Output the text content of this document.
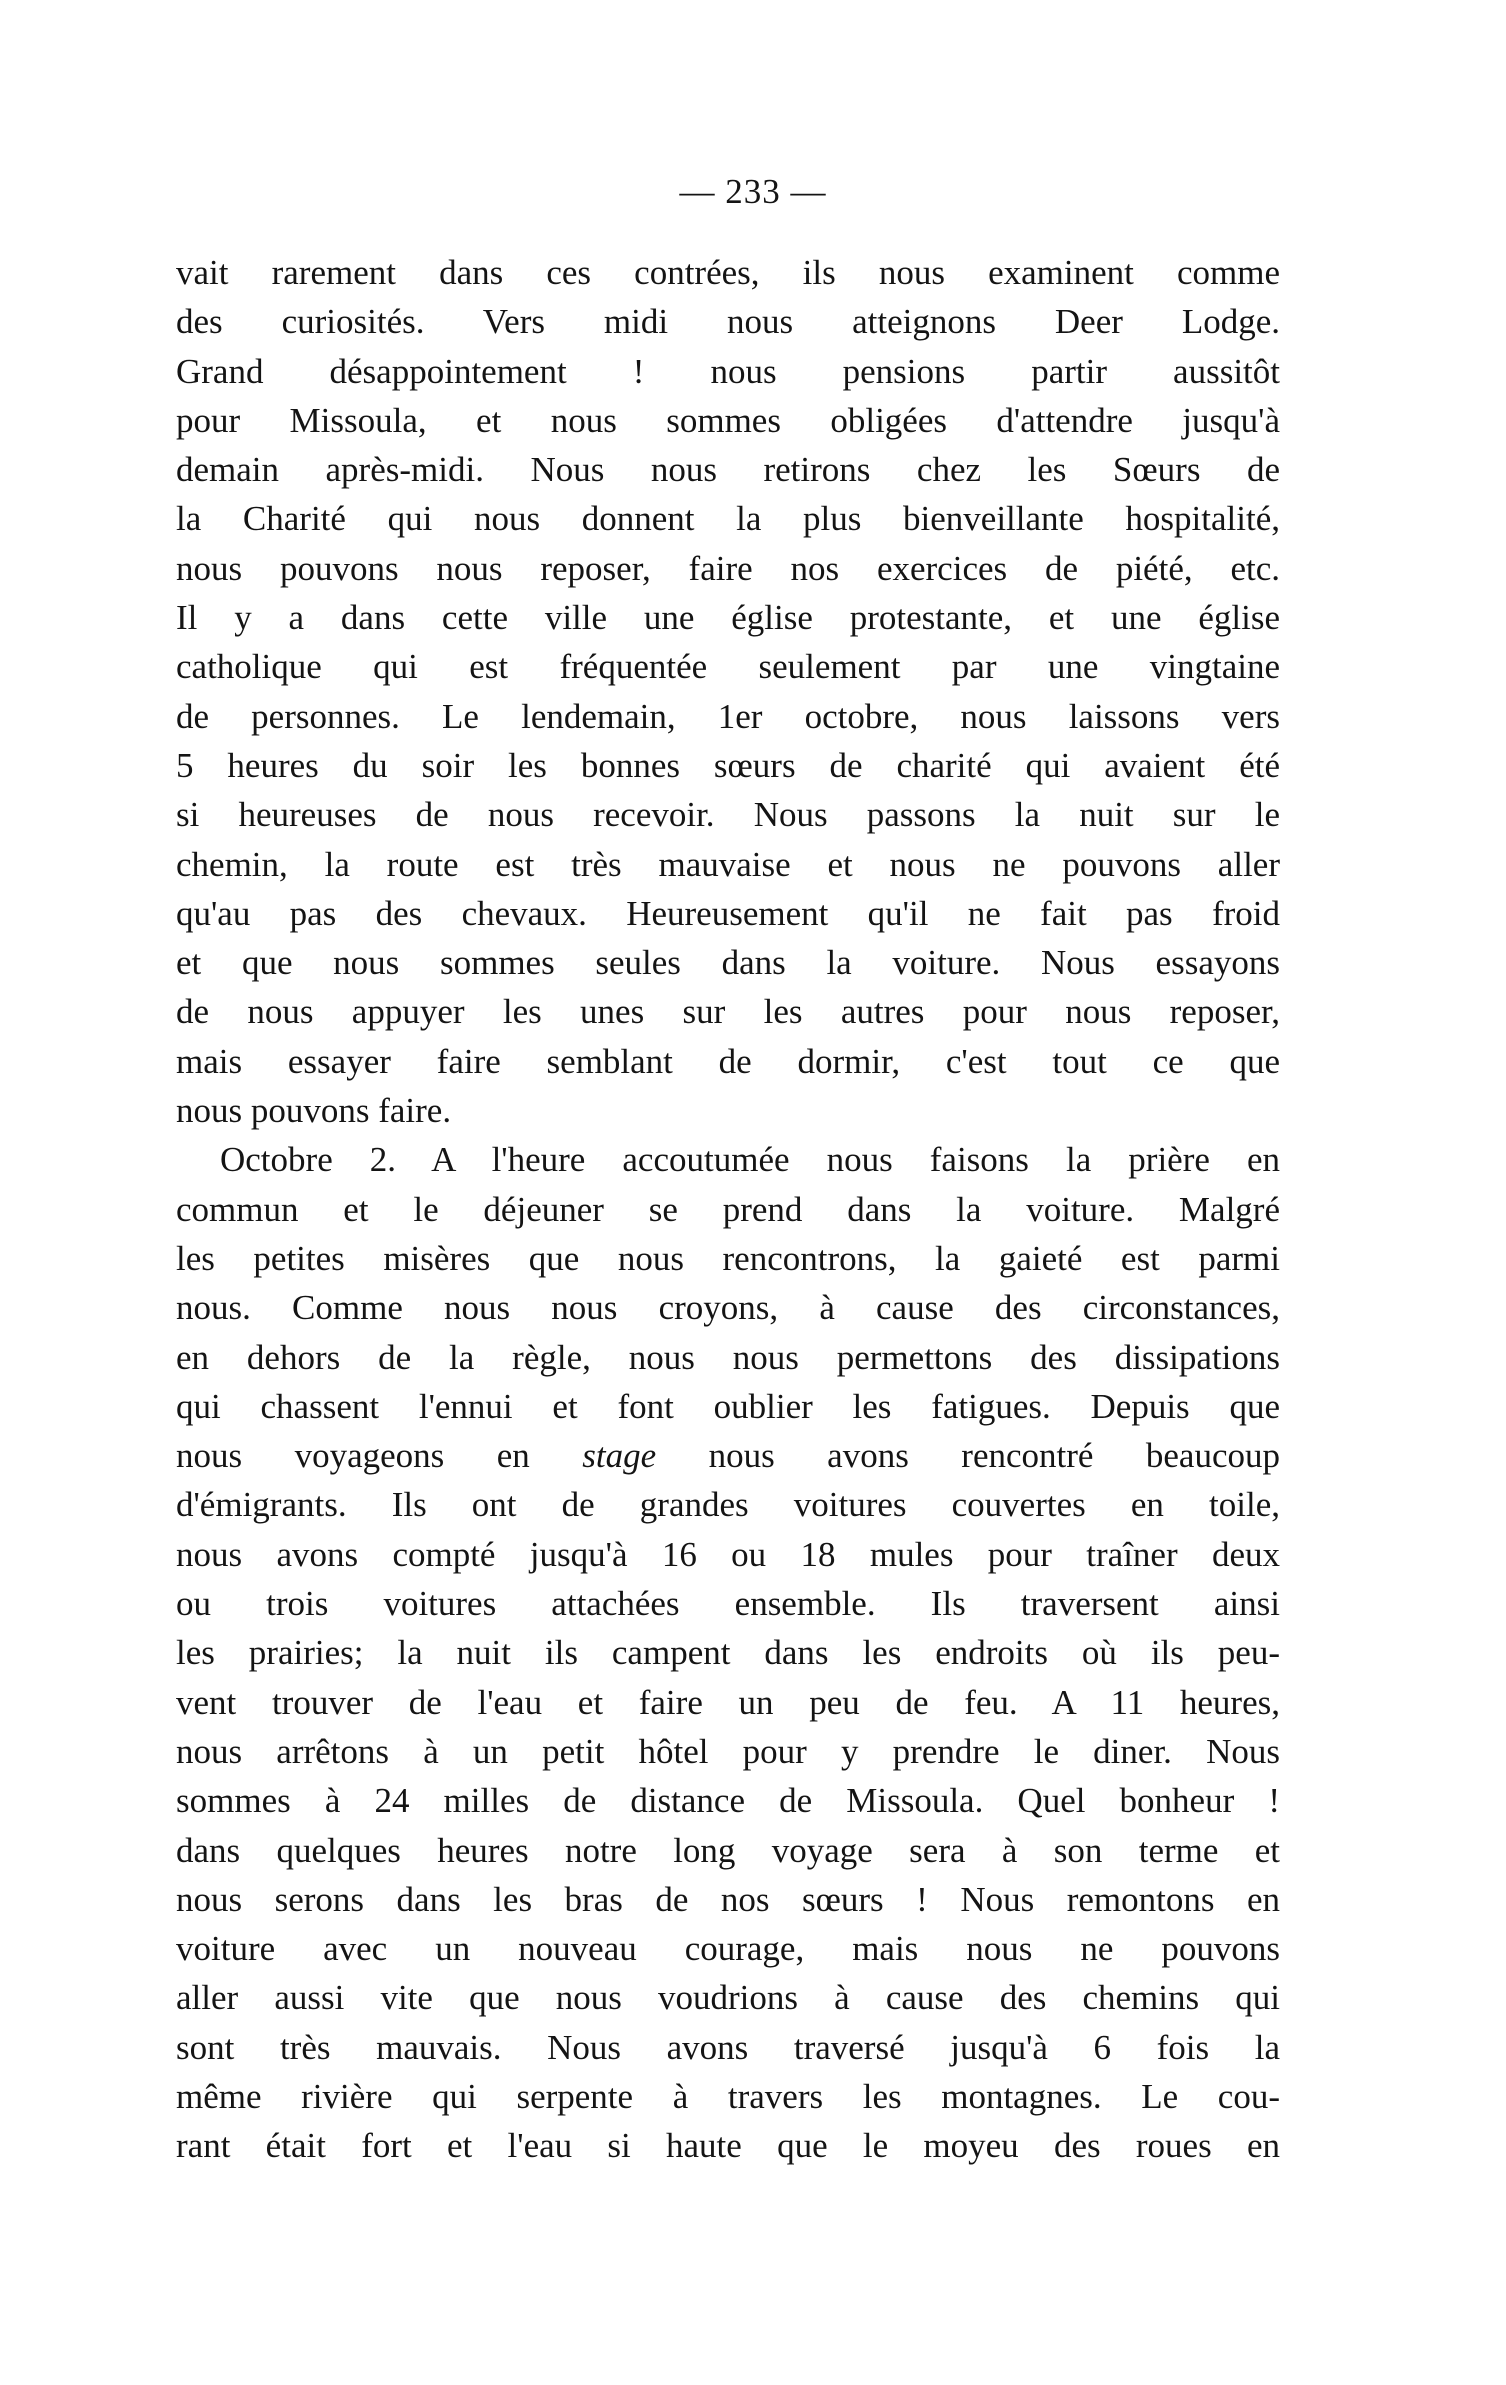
— 233 —
vait rarement dans ces contrées, ils nous examinent comme
des curiosités. Vers midi nous atteignons Deer Lodge.
Grand désappointement ! nous pensions partir aussitôt
pour Missoula, et nous sommes obligées d'attendre jusqu'à
demain après-midi. Nous nous retirons chez les Sœurs de
la Charité qui nous donnent la plus bienveillante hospitalité,
nous pouvons nous reposer, faire nos exercices de piété, etc.
Il y a dans cette ville une église protestante, et une église
catholique qui est fréquentée seulement par une vingtaine
de personnes. Le lendemain, 1er octobre, nous laissons vers
5 heures du soir les bonnes sœurs de charité qui avaient été
si heureuses de nous recevoir. Nous passons la nuit sur le
chemin, la route est très mauvaise et nous ne pouvons aller
qu'au pas des chevaux. Heureusement qu'il ne fait pas froid
et que nous sommes seules dans la voiture. Nous essayons
de nous appuyer les unes sur les autres pour nous reposer,
mais essayer faire semblant de dormir, c'est tout ce que
nous pouvons faire.
Octobre 2. A l'heure accoutumée nous faisons la prière en
commun et le déjeuner se prend dans la voiture. Malgré
les petites misères que nous rencontrons, la gaieté est parmi
nous. Comme nous nous croyons, à cause des circonstances,
en dehors de la règle, nous nous permettons des dissipations
qui chassent l'ennui et font oublier les fatigues. Depuis que
nous voyageons en stage nous avons rencontré beaucoup
d'émigrants. Ils ont de grandes voitures couvertes en toile,
nous avons compté jusqu'à 16 ou 18 mules pour traîner deux
ou trois voitures attachées ensemble. Ils traversent ainsi
les prairies; la nuit ils campent dans les endroits où ils peu-
vent trouver de l'eau et faire un peu de feu. A 11 heures,
nous arrêtons à un petit hôtel pour y prendre le diner. Nous
sommes à 24 milles de distance de Missoula. Quel bonheur !
dans quelques heures notre long voyage sera à son terme et
nous serons dans les bras de nos sœurs ! Nous remontons en
voiture avec un nouveau courage, mais nous ne pouvons
aller aussi vite que nous voudrions à cause des chemins qui
sont très mauvais. Nous avons traversé jusqu'à 6 fois la
même rivière qui serpente à travers les montagnes. Le cou-
rant était fort et l'eau si haute que le moyeu des roues en
